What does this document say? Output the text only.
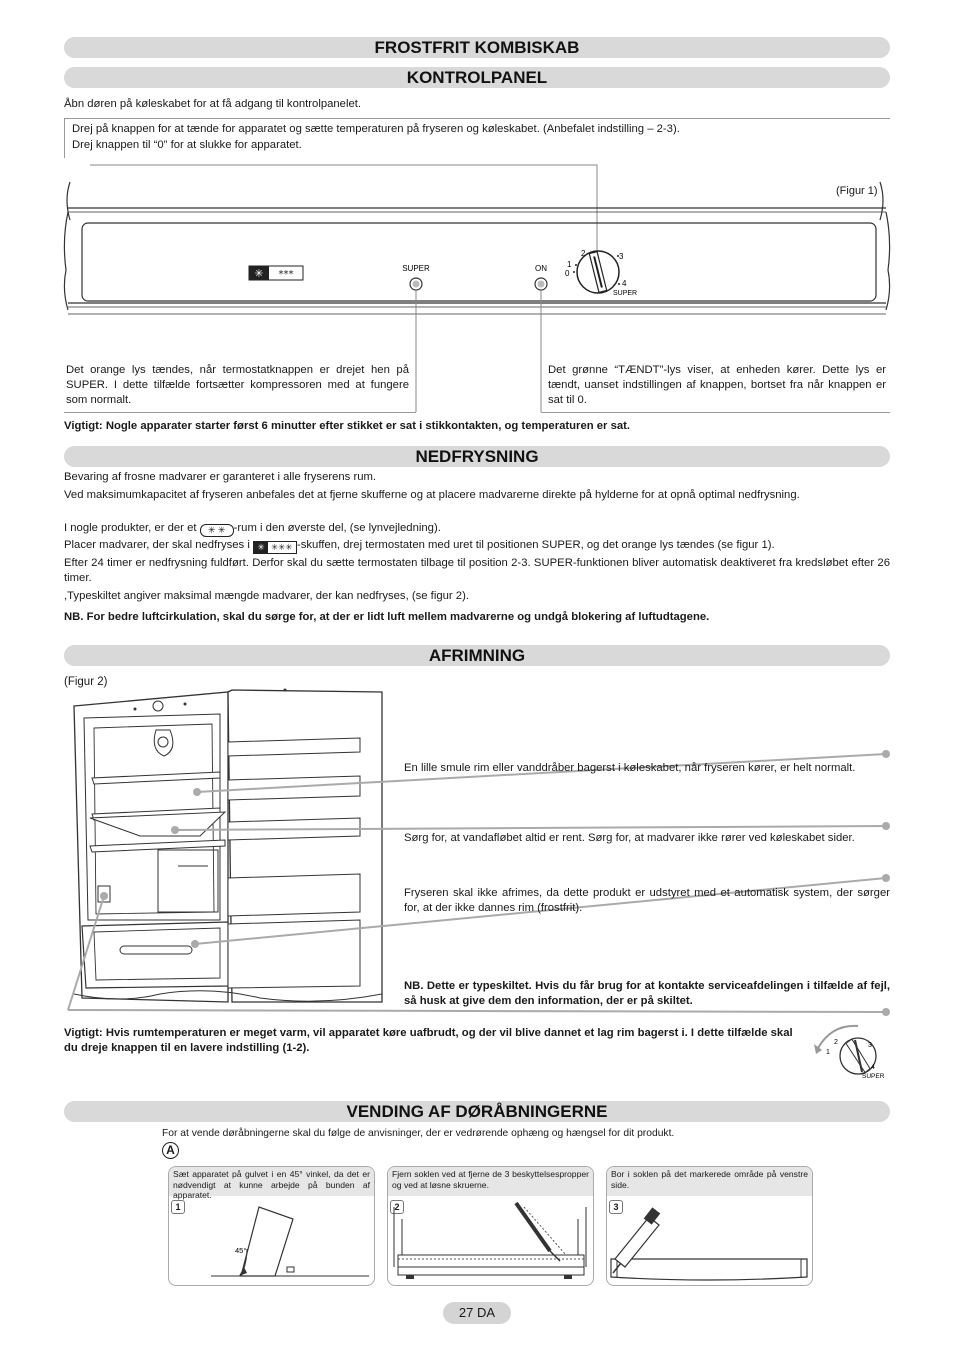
FROSTFRIT KOMBISKAB
KONTROLPANEL
Åbn døren på køleskabet for at få adgang til kontrolpanelet.
Drej på knappen for at tænde for apparatet og sætte temperaturen på fryseren og køleskabet. (Anbefalet indstilling – 2-3).
Drej knappen til “0” for at slukke for apparatet.
(Figur 1)
✳ ***
SUPER	ON
2	3
1
0
4
SUPER
Det orange lys tændes, når termostatknappen er drejet hen på SUPER. I dette tilfælde fortsætter kompressoren med at fungere som normalt.
Det grønne “TÆNDT”-lys viser, at enheden kører. Dette lys er tændt, uanset indstillingen af knappen, bortset fra når knappen er sat til 0.
Vigtigt: Nogle apparater starter først 6 minutter efter stikket er sat i stikkontakten, og temperaturen er sat.
NEDFRYSNING
Bevaring af frosne madvarer er garanteret i alle fryserens rum.
Ved maksimumkapacitet af fryseren anbefales det at fjerne skufferne og at placere madvarerne direkte på hylderne for at opnå optimal nedfrysning.
I nogle produkter, er der et ✳ ✳ -rum i den øverste del, (se lynvejledning).
Placer madvarer, der skal nedfryses i ✳ ✳✳✳ -skuffen, drej termostaten med uret til positionen SUPER, og det orange lys tændes (se figur 1).
Efter 24 timer er nedfrysning fuldført. Derfor skal du sætte termostaten tilbage til position 2-3. SUPER-funktionen bliver automatisk deaktiveret fra kredsløbet efter 26 timer.
,Typeskiltet angiver maksimal mængde madvarer, der kan nedfryses, (se figur 2).
NB. For bedre luftcirkulation, skal du sørge for, at der er lidt luft mellem madvarerne og undgå blokering af luftudtagene.
AFRIMNING
(Figur 2)
En lille smule rim eller vanddråber bagerst i køleskabet, når fryseren kører, er helt normalt.
Sørg for, at vandafløbet altid er rent. Sørg for, at madvarer ikke rører ved køleskabet sider.
Fryseren skal ikke afrimes, da dette produkt er udstyret med et automatisk system, der sørger for, at der ikke dannes rim (frostfrit).
NB. Dette er typeskiltet. Hvis du får brug for at kontakte serviceafdelingen i tilfælde af fejl, så husk at give dem den information, der er på skiltet.
Vigtigt: Hvis rumtemperaturen er meget varm, vil apparatet køre uafbrudt, og der vil blive dannet et lag rim bagerst i. I dette tilfælde skal du dreje knappen til en lavere indstilling (1-2).	2
1
3
4
SUPER
VENDING AF DØRÅBNINGERNE
For at vende døråbningerne skal du følge de anvisninger, der er vedrørende ophæng og hængsel for dit produkt.
A
Sæt apparatet på gulvet i en 45° vinkel, da det er nødvendigt at kunne arbejde på bunden af apparatet.
1
45°
Fjern soklen ved at fjerne de 3 beskyttelsespropper og ved at løsne skruerne.
2
Bor i soklen på det markerede område på venstre side.
3
27 DA
